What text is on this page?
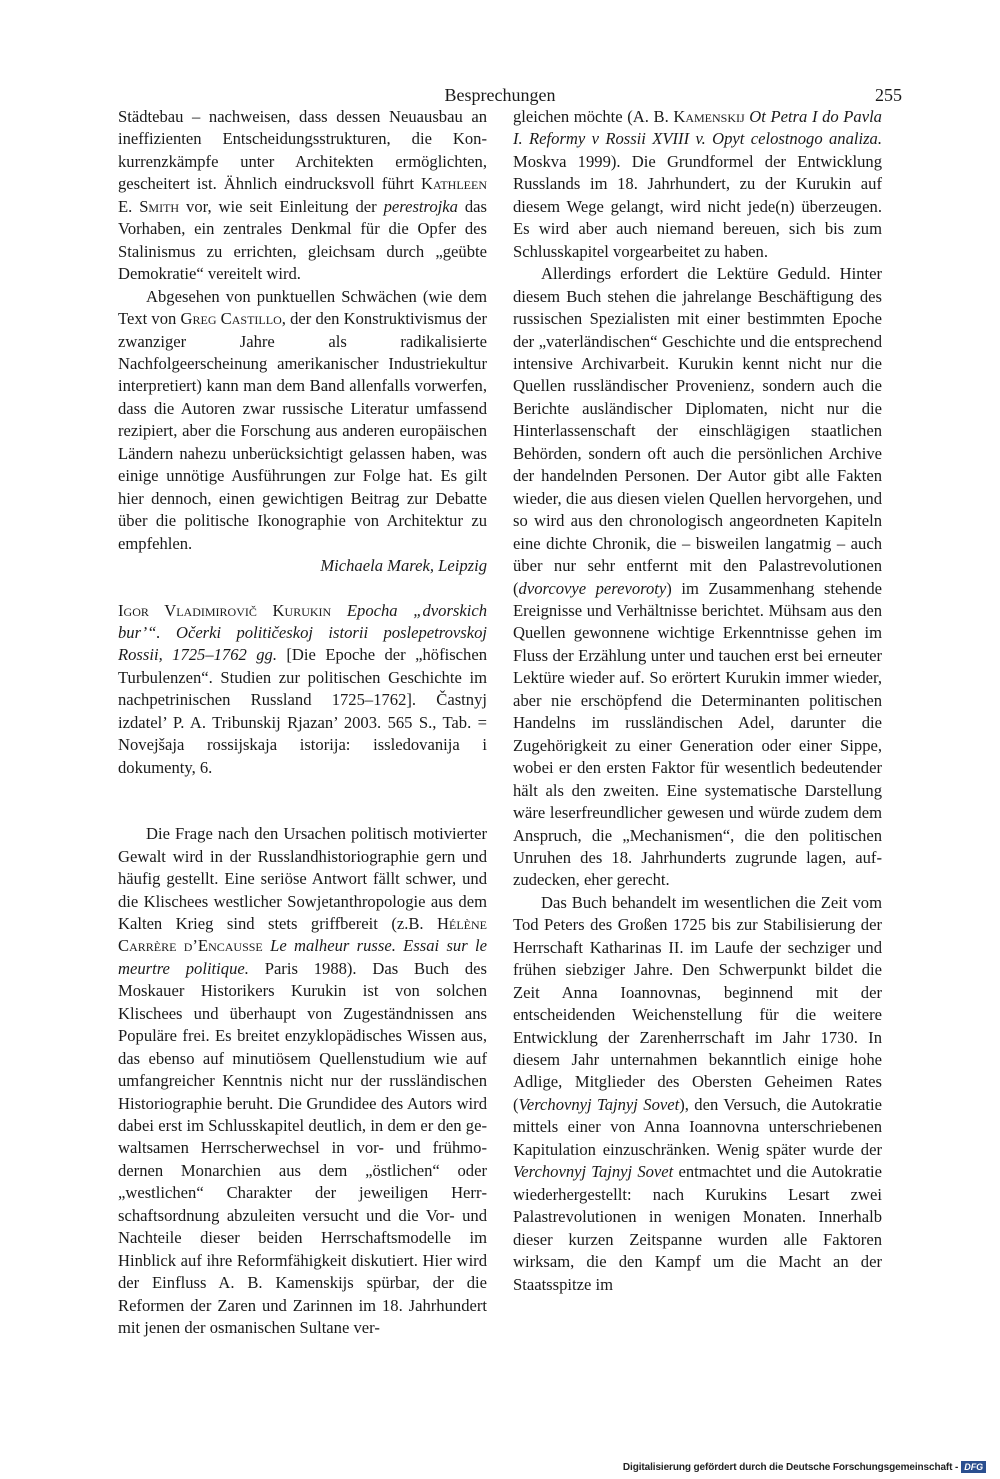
Besprechungen	255

Städtebau – nachweisen, dass dessen Neuausbau an ineffizienten Entscheidungsstrukturen, die Konkurrenzkämpfe unter Architekten ermöglichten, gescheitert ist. Ähnlich eindrucksvoll führt Kathleen E. Smith vor, wie seit Einleitung der perestrojka das Vorhaben, ein zentrales Denkmal für die Opfer des Stalinismus zu errichten, gleichsam durch „geübte Demokratie“ vereitelt wird.

Abgesehen von punktuellen Schwächen (wie dem Text von Greg Castillo, der den Konstruktivismus der zwanziger Jahre als radikalisierte Nachfolgeerscheinung amerikanischer Industriekultur interpretiert) kann man dem Band allenfalls vorwerfen, dass die Autoren zwar russische Literatur umfassend rezipiert, aber die Forschung aus anderen europäischen Ländern nahezu unberücksichtigt gelassen haben, was einige unnötige Ausführungen zur Folge hat. Es gilt hier dennoch, einen gewichtigen Beitrag zur Debatte über die politische Ikonographie von Architektur zu empfehlen.

Michaela Marek, Leipzig

Igor Vladimirovič Kurukin Epocha „dvorskich bur’“. Očerki političeskoj istorii poslepetrovskoj Rossii, 1725–1762 gg. [Die Epoche der „höfischen Turbulenzen“. Studien zur politischen Geschichte im nachpetrinischen Russland 1725–1762]. Častnyj izdatel’ P. A. Tribunskij Rjazan’ 2003. 565 S., Tab. = Novejšaja rossijskaja istorija: issledovanija i dokumenty, 6.

Die Frage nach den Ursachen politisch motivierter Gewalt wird in der Russlandhistoriographie gern und häufig gestellt. Eine seriöse Antwort fällt schwer, und die Klischees westlicher Sowjetanthropologie aus dem Kalten Krieg sind stets griffbereit (z.B. Hélène Carrère d’Encausse Le malheur russe. Essai sur le meurtre politique. Paris 1988). Das Buch des Moskauer Historikers Kurukin ist von solchen Klischees und überhaupt von Zugeständnissen ans Populäre frei. Es breitet enzyklopädisches Wissen aus, das ebenso auf minutiösem Quellenstudium wie auf umfangreicher Kenntnis nicht nur der russländischen Historiographie beruht. Die Grundidee des Autors wird dabei erst im Schlusskapitel deutlich, in dem er den gewaltsamen Herrscherwechsel in vor- und frühmodernen Monarchien aus dem „östlichen“ oder „westlichen“ Charakter der jeweiligen Herrschaftsordnung abzuleiten versucht und die Vor- und Nachteile dieser beiden Herrschaftsmodelle im Hinblick auf ihre Reformfähigkeit diskutiert. Hier wird der Einfluss A. B. Kamenskijs spürbar, der die Reformen der Zaren und Zarinnen im 18. Jahrhundert mit jenen der osmanischen Sultane ver-

gleichen möchte (A. B. Kamenskij Ot Petra I do Pavla I. Reformy v Rossii XVIII v. Opyt celostnogo analiza. Moskva 1999). Die Grundformel der Entwicklung Russlands im 18. Jahrhundert, zu der Kurukin auf diesem Wege gelangt, wird nicht jede(n) überzeugen. Es wird aber auch niemand bereuen, sich bis zum Schlusskapitel vorgearbeitet zu haben.

Allerdings erfordert die Lektüre Geduld. Hinter diesem Buch stehen die jahrelange Beschäftigung des russischen Spezialisten mit einer bestimmten Epoche der „vaterländischen“ Geschichte und die entsprechend intensive Archivarbeit. Kurukin kennt nicht nur die Quellen russländischer Provenienz, sondern auch die Berichte ausländischer Diplomaten, nicht nur die Hinterlassenschaft der einschlägigen staatlichen Behörden, sondern oft auch die persönlichen Archive der handelnden Personen. Der Autor gibt alle Fakten wieder, die aus diesen vielen Quellen hervorgehen, und so wird aus den chronologisch angeordneten Kapiteln eine dichte Chronik, die – bisweilen langatmig – auch über nur sehr entfernt mit den Palastrevolutionen (dvorcovye perevoroty) im Zusammenhang stehende Ereignisse und Verhältnisse berichtet. Mühsam aus den Quellen gewonnene wichtige Erkenntnisse gehen im Fluss der Erzählung unter und tauchen erst bei erneuter Lektüre wieder auf. So erörtert Kurukin immer wieder, aber nie erschöpfend die Determinanten politischen Handelns im russländischen Adel, darunter die Zugehörigkeit zu einer Generation oder einer Sippe, wobei er den ersten Faktor für wesentlich bedeutender hält als den zweiten. Eine systematische Darstellung wäre leserfreundlicher gewesen und würde zudem dem Anspruch, die „Mechanismen“, die den politischen Unruhen des 18. Jahrhunderts zugrunde lagen, aufzudecken, eher gerecht.

Das Buch behandelt im wesentlichen die Zeit vom Tod Peters des Großen 1725 bis zur Stabilisierung der Herrschaft Katharinas II. im Laufe der sechziger und frühen siebziger Jahre. Den Schwerpunkt bildet die Zeit Anna Ioannovnas, beginnend mit der entscheidenden Weichenstellung für die weitere Entwicklung der Zarenherrschaft im Jahr 1730. In diesem Jahr unternahmen bekanntlich einige hohe Adlige, Mitglieder des Obersten Geheimen Rates (Verchovnyj Tajnyj Sovet), den Versuch, die Autokratie mittels einer von Anna Ioannovna unterschriebenen Kapitulation einzuschränken. Wenig später wurde der Verchovnyj Tajnyj Sovet entmachtet und die Autokratie wiederhergestellt: nach Kurukins Lesart zwei Palastrevolutionen in wenigen Monaten. Innerhalb dieser kurzen Zeitspanne wurden alle Faktoren wirksam, die den Kampf um die Macht an der Staatsspitze im

Digitalisierung gefördert durch die Deutsche Forschungsgemeinschaft - DFG
